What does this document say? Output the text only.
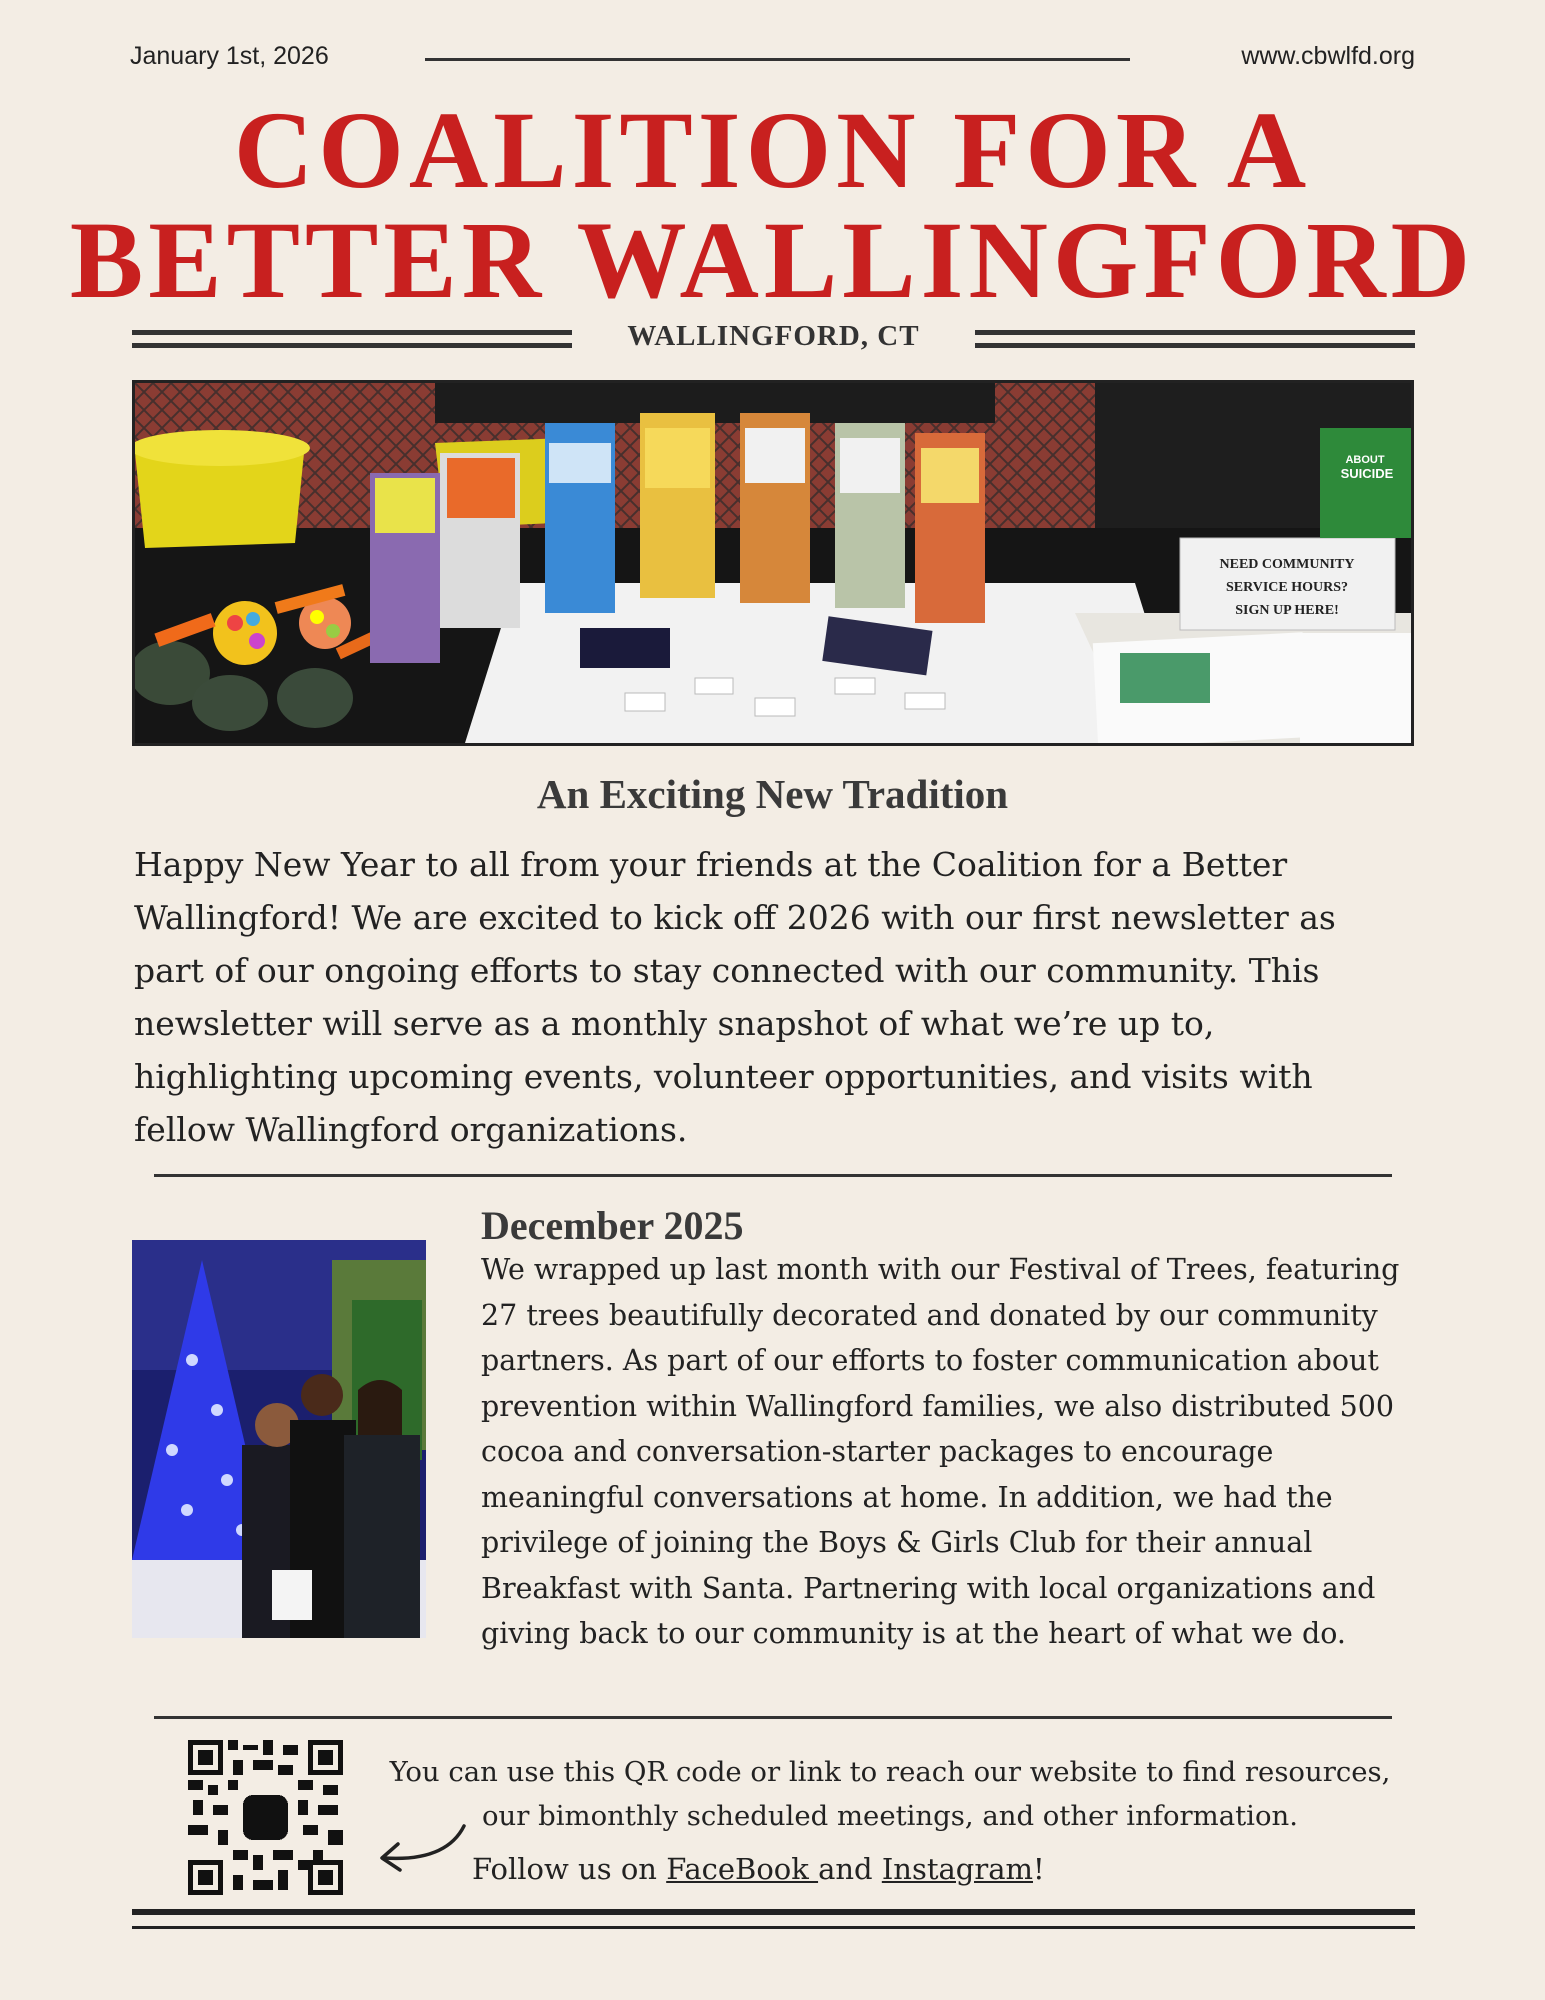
January 1st, 2026	www.cbwlfd.org
COALITION FOR A
BETTER WALLINGFORD
WALLINGFORD, CT
NEED COMMUNITY
SERVICE HOURS?
SIGN UP HERE!
ABOUT
SUICIDE
An Exciting New Tradition
Happy New Year to all from your friends at the Coalition for a Better Wallingford! We are excited to kick off 2026 with our first newsletter as part of our ongoing efforts to stay connected with our community. This newsletter will serve as a monthly snapshot of what we’re up to, highlighting upcoming events, volunteer opportunities, and visits with fellow Wallingford organizations.
December 2025
We wrapped up last month with our Festival of Trees, featuring 27 trees beautifully decorated and donated by our community partners. As part of our efforts to foster communication about prevention within Wallingford families, we also distributed 500 cocoa and conversation-starter packages to encourage meaningful conversations at home. In addition, we had the privilege of joining the Boys & Girls Club for their annual Breakfast with Santa. Partnering with local organizations and giving back to our community is at the heart of what we do.
You can use this QR code or link to reach our website to find resources,
our bimonthly scheduled meetings, and other information.
Follow us on FaceBook and Instagram!
